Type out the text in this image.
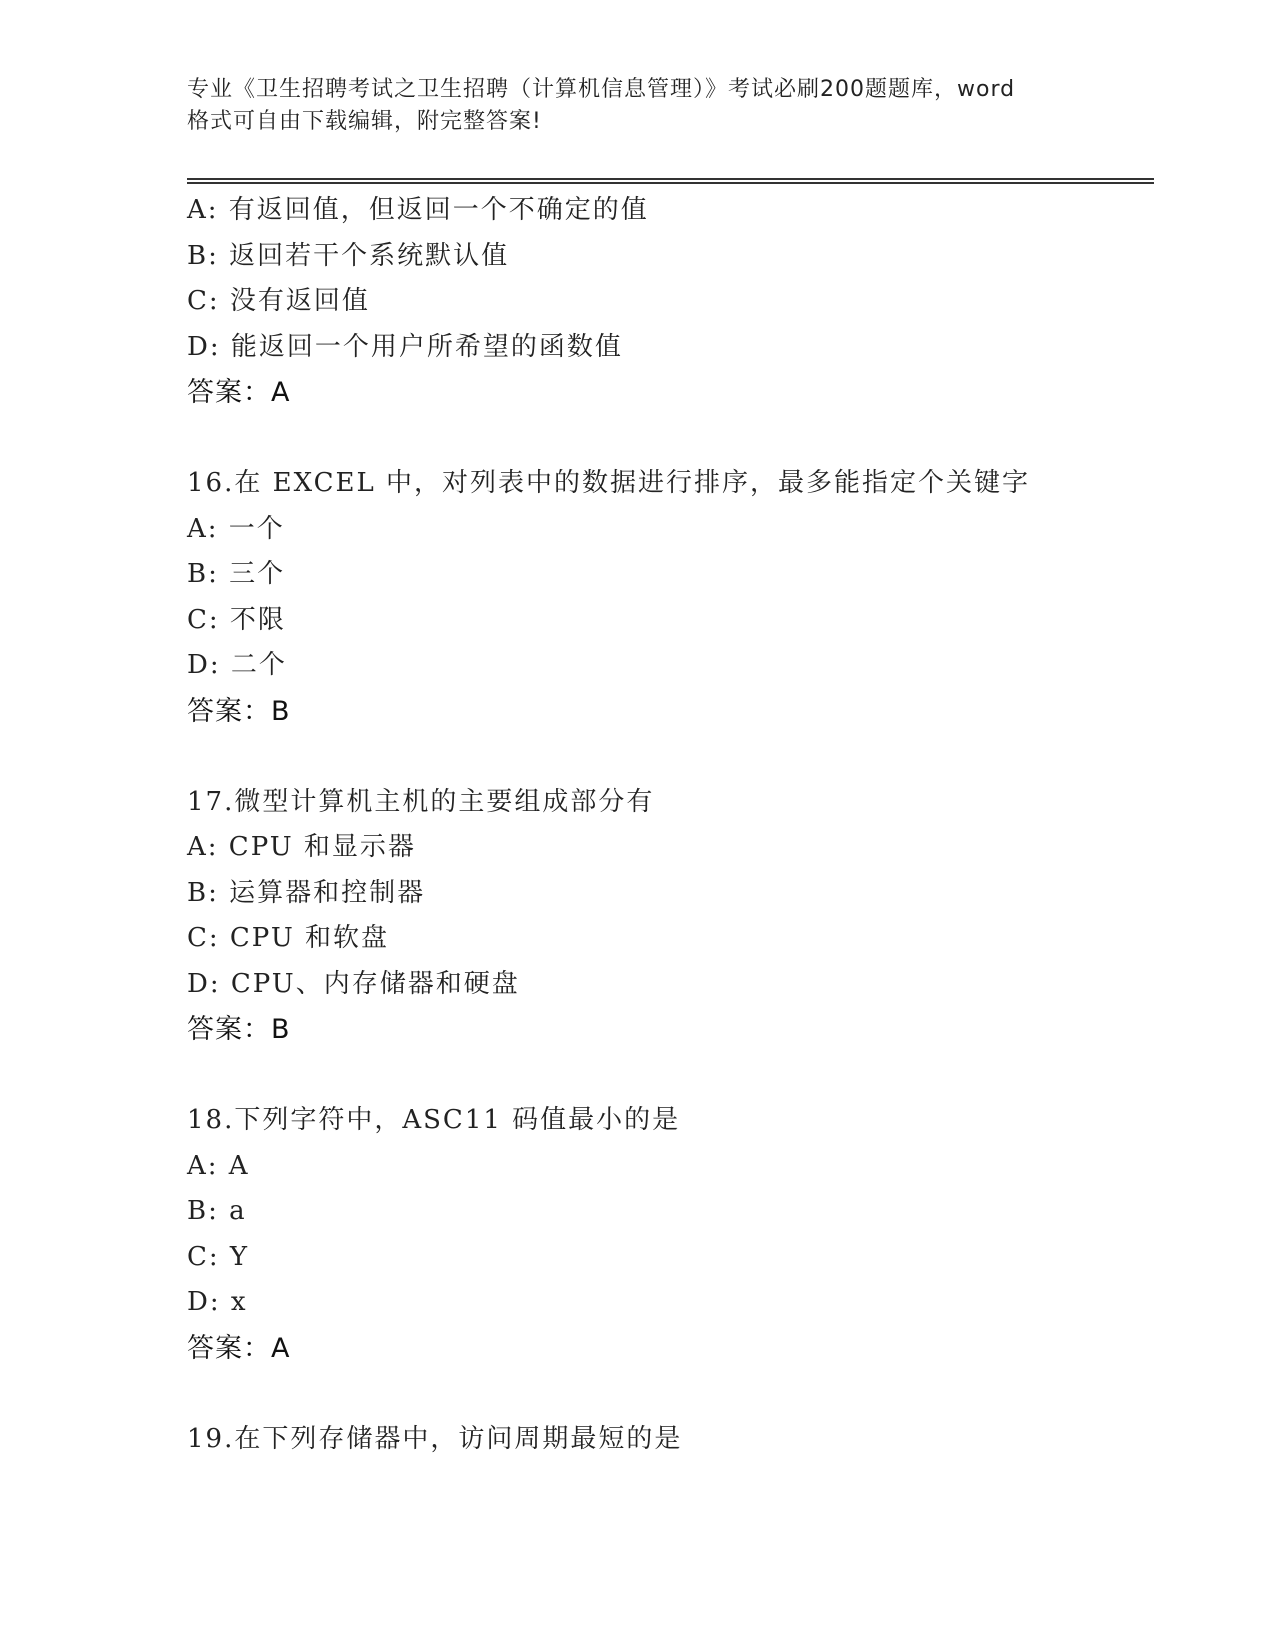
专业《卫生招聘考试之卫生招聘（计算机信息管理）》考试必刷200题题库，word
格式可自由下载编辑，附完整答案!
A: 有返回值，但返回一个不确定的值
B: 返回若干个系统默认值
C: 没有返回值
D: 能返回一个用户所希望的函数值
答案：A
16.在 EXCEL 中，对列表中的数据进行排序，最多能指定个关键字
A: 一个
B: 三个
C: 不限
D: 二个
答案：B
17.微型计算机主机的主要组成部分有
A: CPU 和显示器
B: 运算器和控制器
C: CPU 和软盘
D: CPU、内存储器和硬盘
答案：B
18.下列字符中，ASC11 码值最小的是
A: A
B: a
C: Y
D: x
答案：A
19.在下列存储器中，访问周期最短的是
